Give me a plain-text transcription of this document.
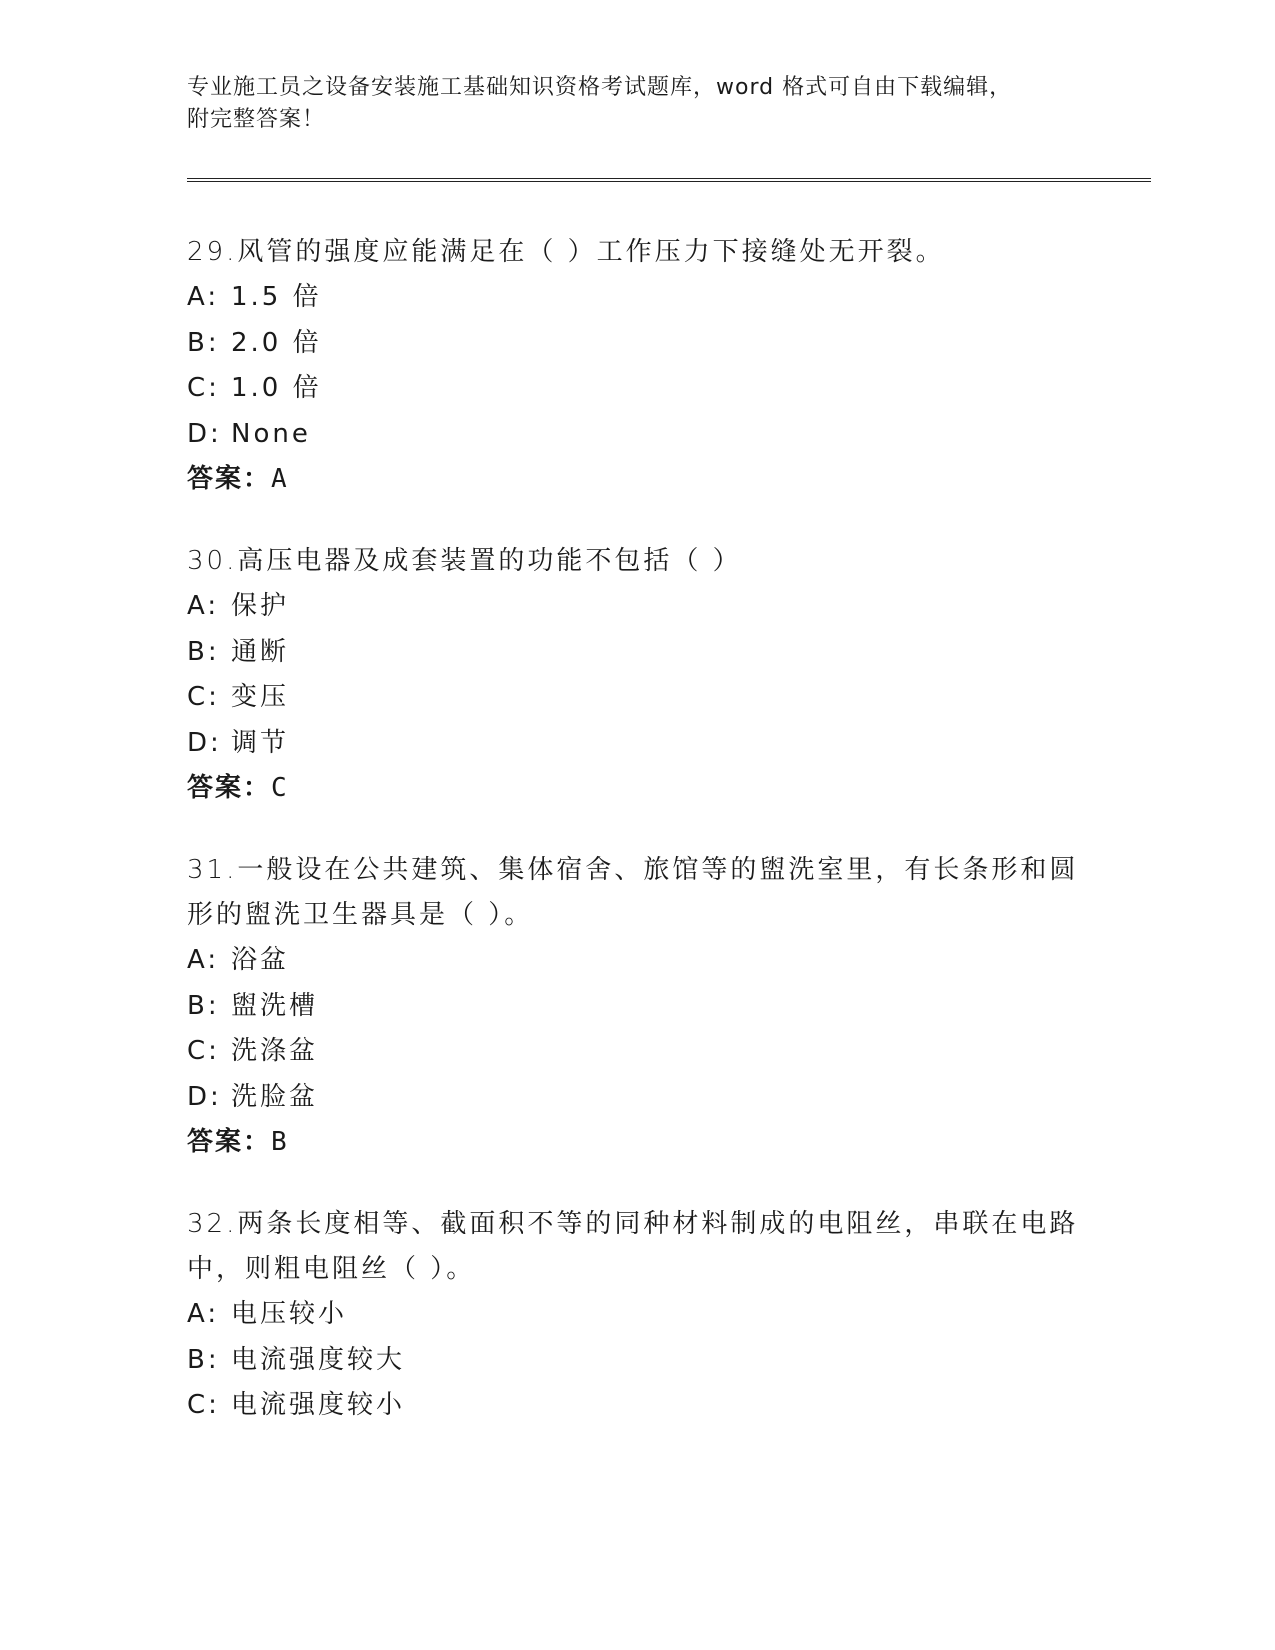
专业施工员之设备安装施工基础知识资格考试题库，word 格式可自由下载编辑，
附完整答案！
29.风管的强度应能满足在（ ）工作压力下接缝处无开裂。
A: 1.5 倍
B: 2.0 倍
C: 1.0 倍
D: None
答案：A
30.高压电器及成套装置的功能不包括（ ）
A: 保护
B: 通断
C: 变压
D: 调节
答案：C
31.一般设在公共建筑、集体宿舍、旅馆等的盥洗室里，有长条形和圆形的盥洗卫生器具是（ ）。
A: 浴盆
B: 盥洗槽
C: 洗涤盆
D: 洗脸盆
答案：B
32.两条长度相等、截面积不等的同种材料制成的电阻丝，串联在电路中，则粗电阻丝（ ）。
A: 电压较小
B: 电流强度较大
C: 电流强度较小
